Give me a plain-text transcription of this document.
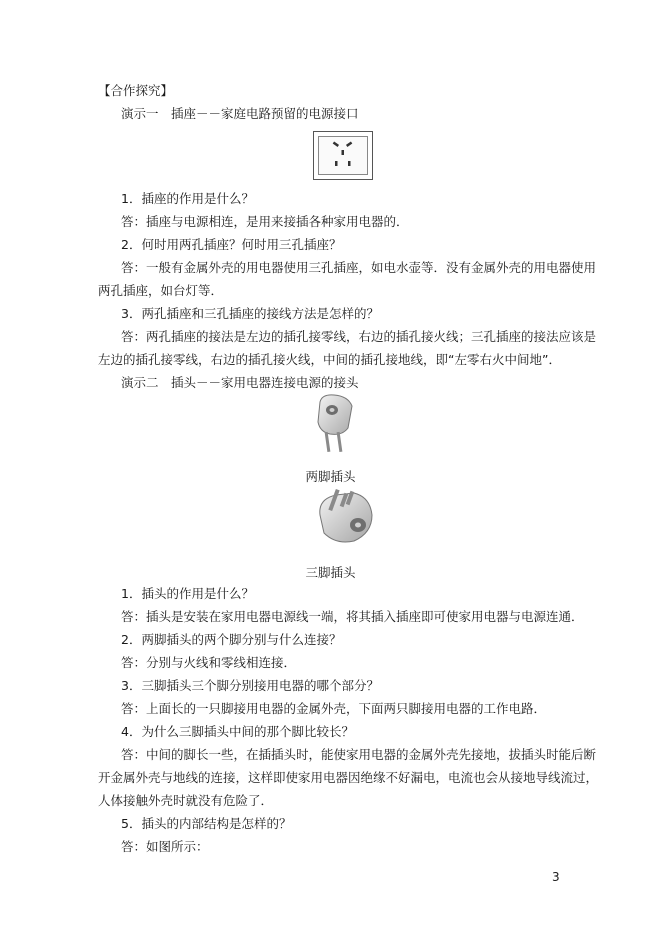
【合作探究】
演示一　插座－－家庭电路预留的电源接口
1．插座的作用是什么？
答：插座与电源相连，是用来接插各种家用电器的．
2．何时用两孔插座？何时用三孔插座？
答：一般有金属外壳的用电器使用三孔插座，如电水壶等．没有金属外壳的用电器使用
两孔插座，如台灯等．
3．两孔插座和三孔插座的接线方法是怎样的？
答：两孔插座的接法是左边的插孔接零线，右边的插孔接火线；三孔插座的接法应该是
左边的插孔接零线，右边的插孔接火线，中间的插孔接地线，即“左零右火中间地”．
演示二　插头－－家用电器连接电源的接头
两脚插头
三脚插头
1．插头的作用是什么？
答：插头是安装在家用电器电源线一端，将其插入插座即可使家用电器与电源连通．
2．两脚插头的两个脚分别与什么连接？
答：分别与火线和零线相连接．
3．三脚插头三个脚分别接用电器的哪个部分？
答：上面长的一只脚接用电器的金属外壳，下面两只脚接用电器的工作电路．
4．为什么三脚插头中间的那个脚比较长？
答：中间的脚长一些，在插插头时，能使家用电器的金属外壳先接地，拔插头时能后断
开金属外壳与地线的连接，这样即使家用电器因绝缘不好漏电，电流也会从接地导线流过，
人体接触外壳时就没有危险了．
5．插头的内部结构是怎样的？
答：如图所示：
3
